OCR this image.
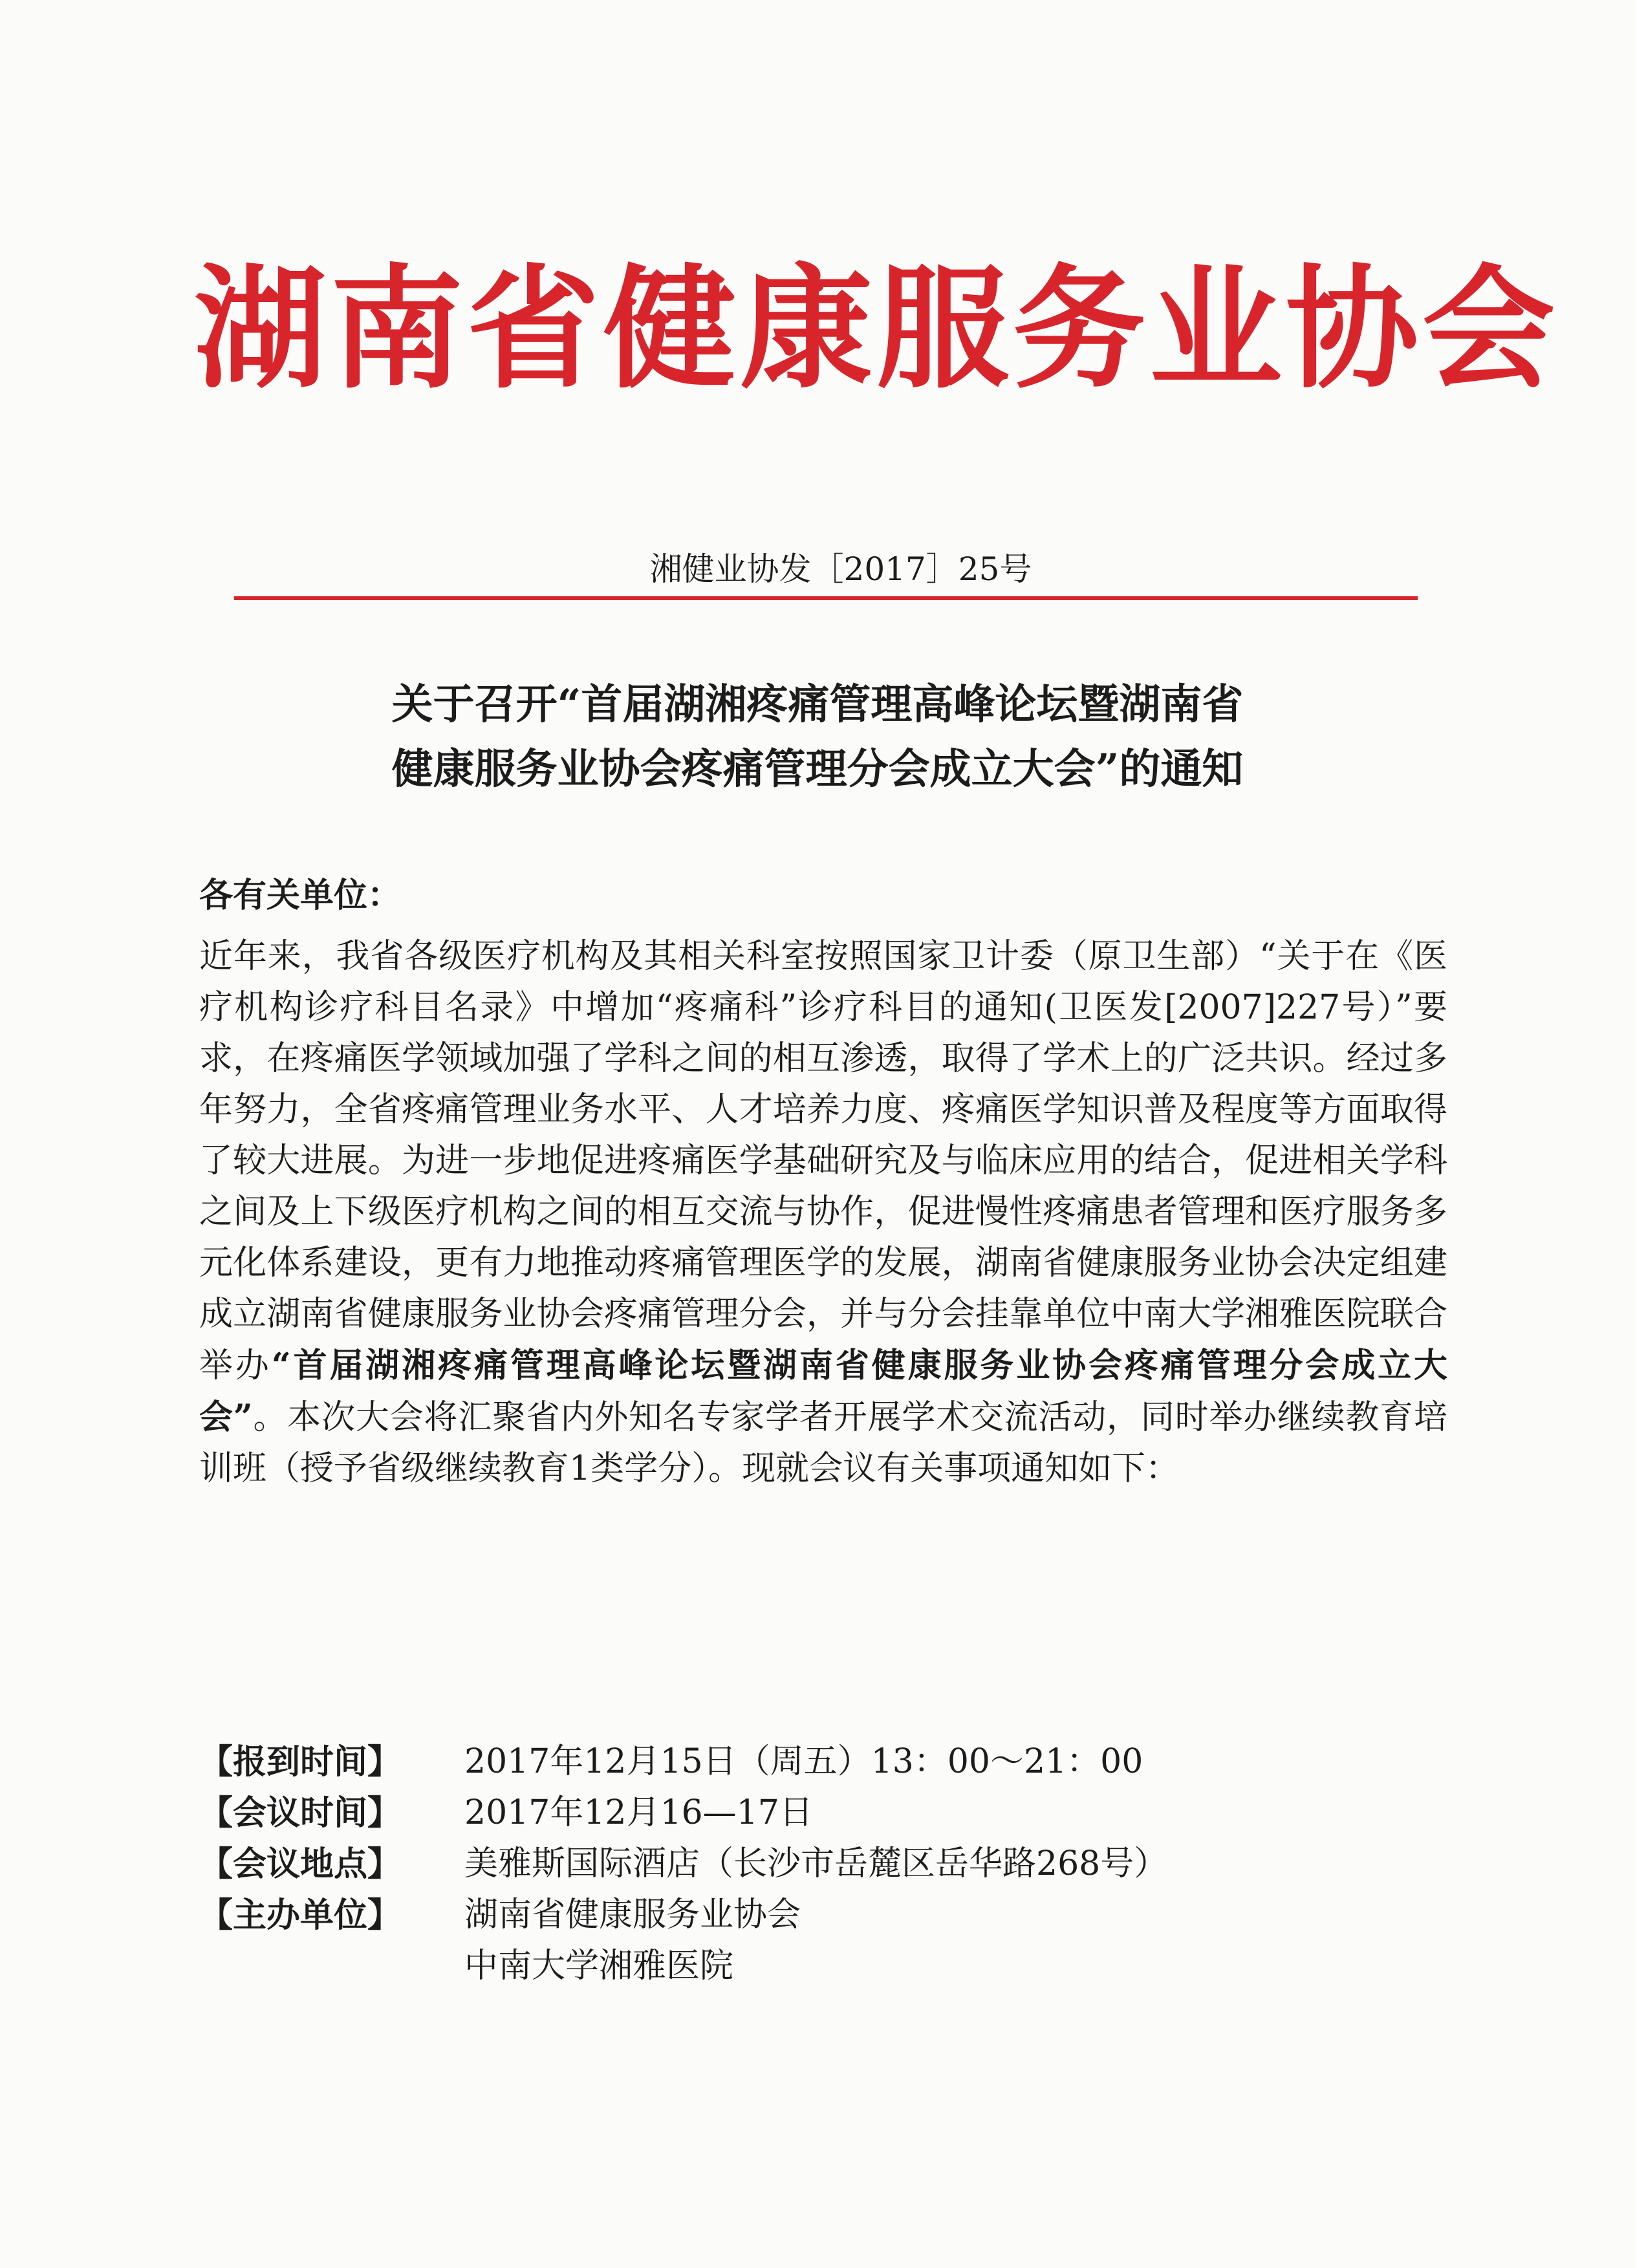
湖南省健康服务业协会
湘健业协发［2017］25号
关于召开“首届湖湘疼痛管理高峰论坛暨湖南省
健康服务业协会疼痛管理分会成立大会”的通知
各有关单位：
近年来，我省各级医疗机构及其相关科室按照国家卫计委（原卫生部）“关于在《医疗机构诊疗科目名录》中增加“疼痛科”诊疗科目的通知(卫医发[2007]227号）”要求，在疼痛医学领域加强了学科之间的相互渗透，取得了学术上的广泛共识。经过多年努力，全省疼痛管理业务水平、人才培养力度、疼痛医学知识普及程度等方面取得了较大进展。为进一步地促进疼痛医学基础研究及与临床应用的结合，促进相关学科之间及上下级医疗机构之间的相互交流与协作，促进慢性疼痛患者管理和医疗服务多元化体系建设，更有力地推动疼痛管理医学的发展，湖南省健康服务业协会决定组建成立湖南省健康服务业协会疼痛管理分会，并与分会挂靠单位中南大学湘雅医院联合举办“首届湖湘疼痛管理高峰论坛暨湖南省健康服务业协会疼痛管理分会成立大会”。本次大会将汇聚省内外知名专家学者开展学术交流活动，同时举办继续教育培训班（授予省级继续教育1类学分）。现就会议有关事项通知如下：
【报到时间】	2017年12月15日（周五）13：00～21：00
【会议时间】	2017年12月16—17日
【会议地点】	美雅斯国际酒店（长沙市岳麓区岳华路268号）
【主办单位】	湖南省健康服务业协会
中南大学湘雅医院
